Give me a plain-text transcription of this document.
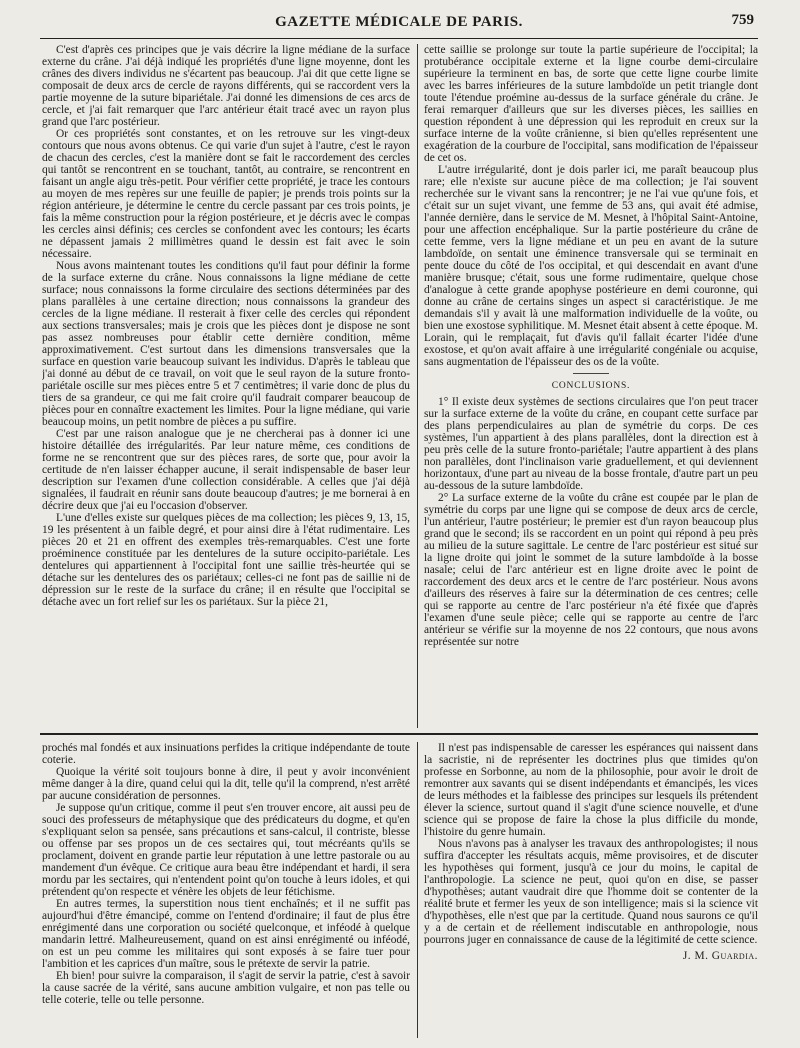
GAZETTE MÉDICALE DE PARIS.	759

C'est d'après ces principes que je vais décrire la ligne médiane de la surface externe du crâne. J'ai déjà indiqué les propriétés d'une ligne moyenne, dont les crânes des divers individus ne s'écartent pas beaucoup. J'ai dit que cette ligne se composait de deux arcs de cercle de rayons différents, qui se raccordent vers la partie moyenne de la suture bipariétale. J'ai donné les dimensions de ces arcs de cercle, et j'ai fait remarquer que l'arc antérieur était tracé avec un rayon plus grand que l'arc postérieur.

Or ces propriétés sont constantes, et on les retrouve sur les vingt-deux contours que nous avons obtenus. Ce qui varie d'un sujet à l'autre, c'est le rayon de chacun des cercles, c'est la manière dont se fait le raccordement des cercles qui tantôt se rencontrent en se touchant, tantôt, au contraire, se rencontrent en faisant un angle aigu très-petit. Pour vérifier cette propriété, je trace les contours au moyen de mes repères sur une feuille de papier; je prends trois points sur la région antérieure, je détermine le centre du cercle passant par ces trois points, je fais la même construction pour la région postérieure, et je décris avec le compas les cercles ainsi définis; ces cercles se confondent avec les contours; les écarts ne dépassent jamais 2 millimètres quand le dessin est fait avec le soin nécessaire.

Nous avons maintenant toutes les conditions qu'il faut pour définir la forme de la surface externe du crâne. Nous connaissons la ligne médiane de cette surface; nous connaissons la forme circulaire des sections déterminées par des plans parallèles à une certaine direction; nous connaissons la grandeur des cercles de la ligne médiane. Il resterait à fixer celle des cercles qui répondent aux sections transversales; mais je crois que les pièces dont je dispose ne sont pas assez nombreuses pour établir cette dernière condition, même approximativement. C'est surtout dans les dimensions transversales que la surface en question varie beaucoup suivant les individus. D'après le tableau que j'ai donné au début de ce travail, on voit que le seul rayon de la suture fronto-pariétale oscille sur mes pièces entre 5 et 7 centimètres; il varie donc de plus du tiers de sa grandeur, ce qui me fait croire qu'il faudrait comparer beaucoup de pièces pour en connaître exactement les limites. Pour la ligne médiane, qui varie beaucoup moins, un petit nombre de pièces a pu suffire.

C'est par une raison analogue que je ne chercherai pas à donner ici une histoire détaillée des irrégularités. Par leur nature même, ces conditions de forme ne se rencontrent que sur des pièces rares, de sorte que, pour avoir la certitude de n'en laisser échapper aucune, il serait indispensable de baser leur description sur l'examen d'une collection considérable. A celles que j'ai déjà signalées, il faudrait en réunir sans doute beaucoup d'autres; je me bornerai à en décrire deux que j'ai eu l'occasion d'observer.

L'une d'elles existe sur quelques pièces de ma collection; les pièces 9, 13, 15, 19 les présentent à un faible degré, et pour ainsi dire à l'état rudimentaire. Les pièces 20 et 21 en offrent des exemples très-remarquables. C'est une forte proéminence constituée par les dentelures de la suture occipito-pariétale. Les dentelures qui appartiennent à l'occipital font une saillie très-heurtée qui se détache sur les dentelures des os pariétaux; celles-ci ne font pas de saillie ni de dépression sur le reste de la surface du crâne; il en résulte que l'occipital se détache avec un fort relief sur les os pariétaux. Sur la pièce 21,

cette saillie se prolonge sur toute la partie supérieure de l'occipital; la protubérance occipitale externe et la ligne courbe demi-circulaire supérieure la terminent en bas, de sorte que cette ligne courbe limite avec les barres inférieures de la suture lambdoïde un petit triangle dont toute l'étendue proémine au-dessus de la surface générale du crâne. Je ferai remarquer d'ailleurs que sur les diverses pièces, les saillies en question répondent à une dépression qui les reproduit en creux sur la surface interne de la voûte crânienne, si bien qu'elles représentent une exagération de la courbure de l'occipital, sans modification de l'épaisseur de cet os.

L'autre irrégularité, dont je dois parler ici, me paraît beaucoup plus rare; elle n'existe sur aucune pièce de ma collection; je l'ai souvent recherchée sur le vivant sans la rencontrer; je ne l'ai vue qu'une fois, et c'était sur un sujet vivant, une femme de 53 ans, qui avait été admise, l'année dernière, dans le service de M. Mesnet, à l'hôpital Saint-Antoine, pour une affection encéphalique. Sur la partie postérieure du crâne de cette femme, vers la ligne médiane et un peu en avant de la suture lambdoïde, on sentait une éminence transversale qui se terminait en pente douce du côté de l'os occipital, et qui descendait en avant d'une manière brusque; c'était, sous une forme rudimentaire, quelque chose d'analogue à cette grande apophyse postérieure en demi couronne, qui donne au crâne de certains singes un aspect si caractéristique. Je me demandais s'il y avait là une malformation individuelle de la voûte, ou bien une exostose syphilitique. M. Mesnet était absent à cette époque. M. Lorain, qui le remplaçait, fut d'avis qu'il fallait écarter l'idée d'une exostose, et qu'on avait affaire à une irrégularité congéniale ou acquise, sans augmentation de l'épaisseur des os de la voûte.

CONCLUSIONS.

1° Il existe deux systèmes de sections circulaires que l'on peut tracer sur la surface externe de la voûte du crâne, en coupant cette surface par des plans perpendiculaires au plan de symétrie du corps. De ces systèmes, l'un appartient à des plans parallèles, dont la direction est à peu près celle de la suture fronto-pariétale; l'autre appartient à des plans non parallèles, dont l'inclinaison varie graduellement, et qui deviennent horizontaux, d'une part au niveau de la bosse frontale, d'autre part un peu au-dessous de la suture lambdoïde.

2° La surface externe de la voûte du crâne est coupée par le plan de symétrie du corps par une ligne qui se compose de deux arcs de cercle, l'un antérieur, l'autre postérieur; le premier est d'un rayon beaucoup plus grand que le second; ils se raccordent en un point qui répond à peu près au milieu de la suture sagittale. Le centre de l'arc postérieur est situé sur la ligne droite qui joint le sommet de la suture lambdoïde à la bosse nasale; celui de l'arc antérieur est en ligne droite avec le point de raccordement des deux arcs et le centre de l'arc postérieur. Nous avons d'ailleurs des réserves à faire sur la détermination de ces centres; celle qui se rapporte au centre de l'arc postérieur n'a été fixée que d'après l'examen d'une seule pièce; celle qui se rapporte au centre de l'arc antérieur se vérifie sur la moyenne de nos 22 contours, que nous avons représentée sur notre

prochés mal fondés et aux insinuations perfides la critique indépendante de toute coterie.

Quoique la vérité soit toujours bonne à dire, il peut y avoir inconvénient même danger à la dire, quand celui qui la dit, telle qu'il la comprend, n'est arrêté par aucune considération de personnes.

Je suppose qu'un critique, comme il peut s'en trouver encore, ait aussi peu de souci des professeurs de métaphysique que des prédicateurs du dogme, et qu'en s'expliquant selon sa pensée, sans précautions et sans-calcul, il contriste, blesse ou offense par ses propos un de ces sectaires qui, tout mécréants qu'ils se proclament, doivent en grande partie leur réputation à une lettre pastorale ou au mandement d'un évêque. Ce critique aura beau être indépendant et hardi, il sera mordu par les sectaires, qui n'entendent point qu'on touche à leurs idoles, et qui prétendent qu'on respecte et vénère les objets de leur fétichisme.

En autres termes, la superstition nous tient enchaînés; et il ne suffit pas aujourd'hui d'être émancipé, comme on l'entend d'ordinaire; il faut de plus être enrégimenté dans une corporation ou société quelconque, et inféodé à quelque mandarin lettré. Malheureusement, quand on est ainsi enrégimenté ou inféodé, on est un peu comme les militaires qui sont exposés à se faire tuer pour l'ambition et les caprices d'un maître, sous le prétexte de servir la patrie.

Eh bien! pour suivre la comparaison, il s'agit de servir la patrie, c'est à savoir la cause sacrée de la vérité, sans aucune ambition vulgaire, et non pas telle ou telle coterie, telle ou telle personne.

Il n'est pas indispensable de caresser les espérances qui naissent dans la sacristie, ni de représenter les doctrines plus que timides qu'on professe en Sorbonne, au nom de la philosophie, pour avoir le droit de remontrer aux savants qui se disent indépendants et émancipés, les vices de leurs méthodes et la faiblesse des principes sur lesquels ils prétendent élever la science, surtout quand il s'agit d'une science nouvelle, et d'une science qui se propose de faire la chose la plus difficile du monde, l'histoire du genre humain.

Nous n'avons pas à analyser les travaux des anthropologistes; il nous suffira d'accepter les résultats acquis, même provisoires, et de discuter les hypothèses qui forment, jusqu'à ce jour du moins, le capital de l'anthropologie. La science ne peut, quoi qu'on en dise, se passer d'hypothèses; autant vaudrait dire que l'homme doit se contenter de la réalité brute et fermer les yeux de son intelligence; mais si la science vit d'hypothèses, elle n'est que par la certitude. Quand nous saurons ce qu'il y a de certain et de réellement indiscutable en anthropologie, nous pourrons juger en connaissance de cause de la légitimité de cette science.

J. M. Guardia.
